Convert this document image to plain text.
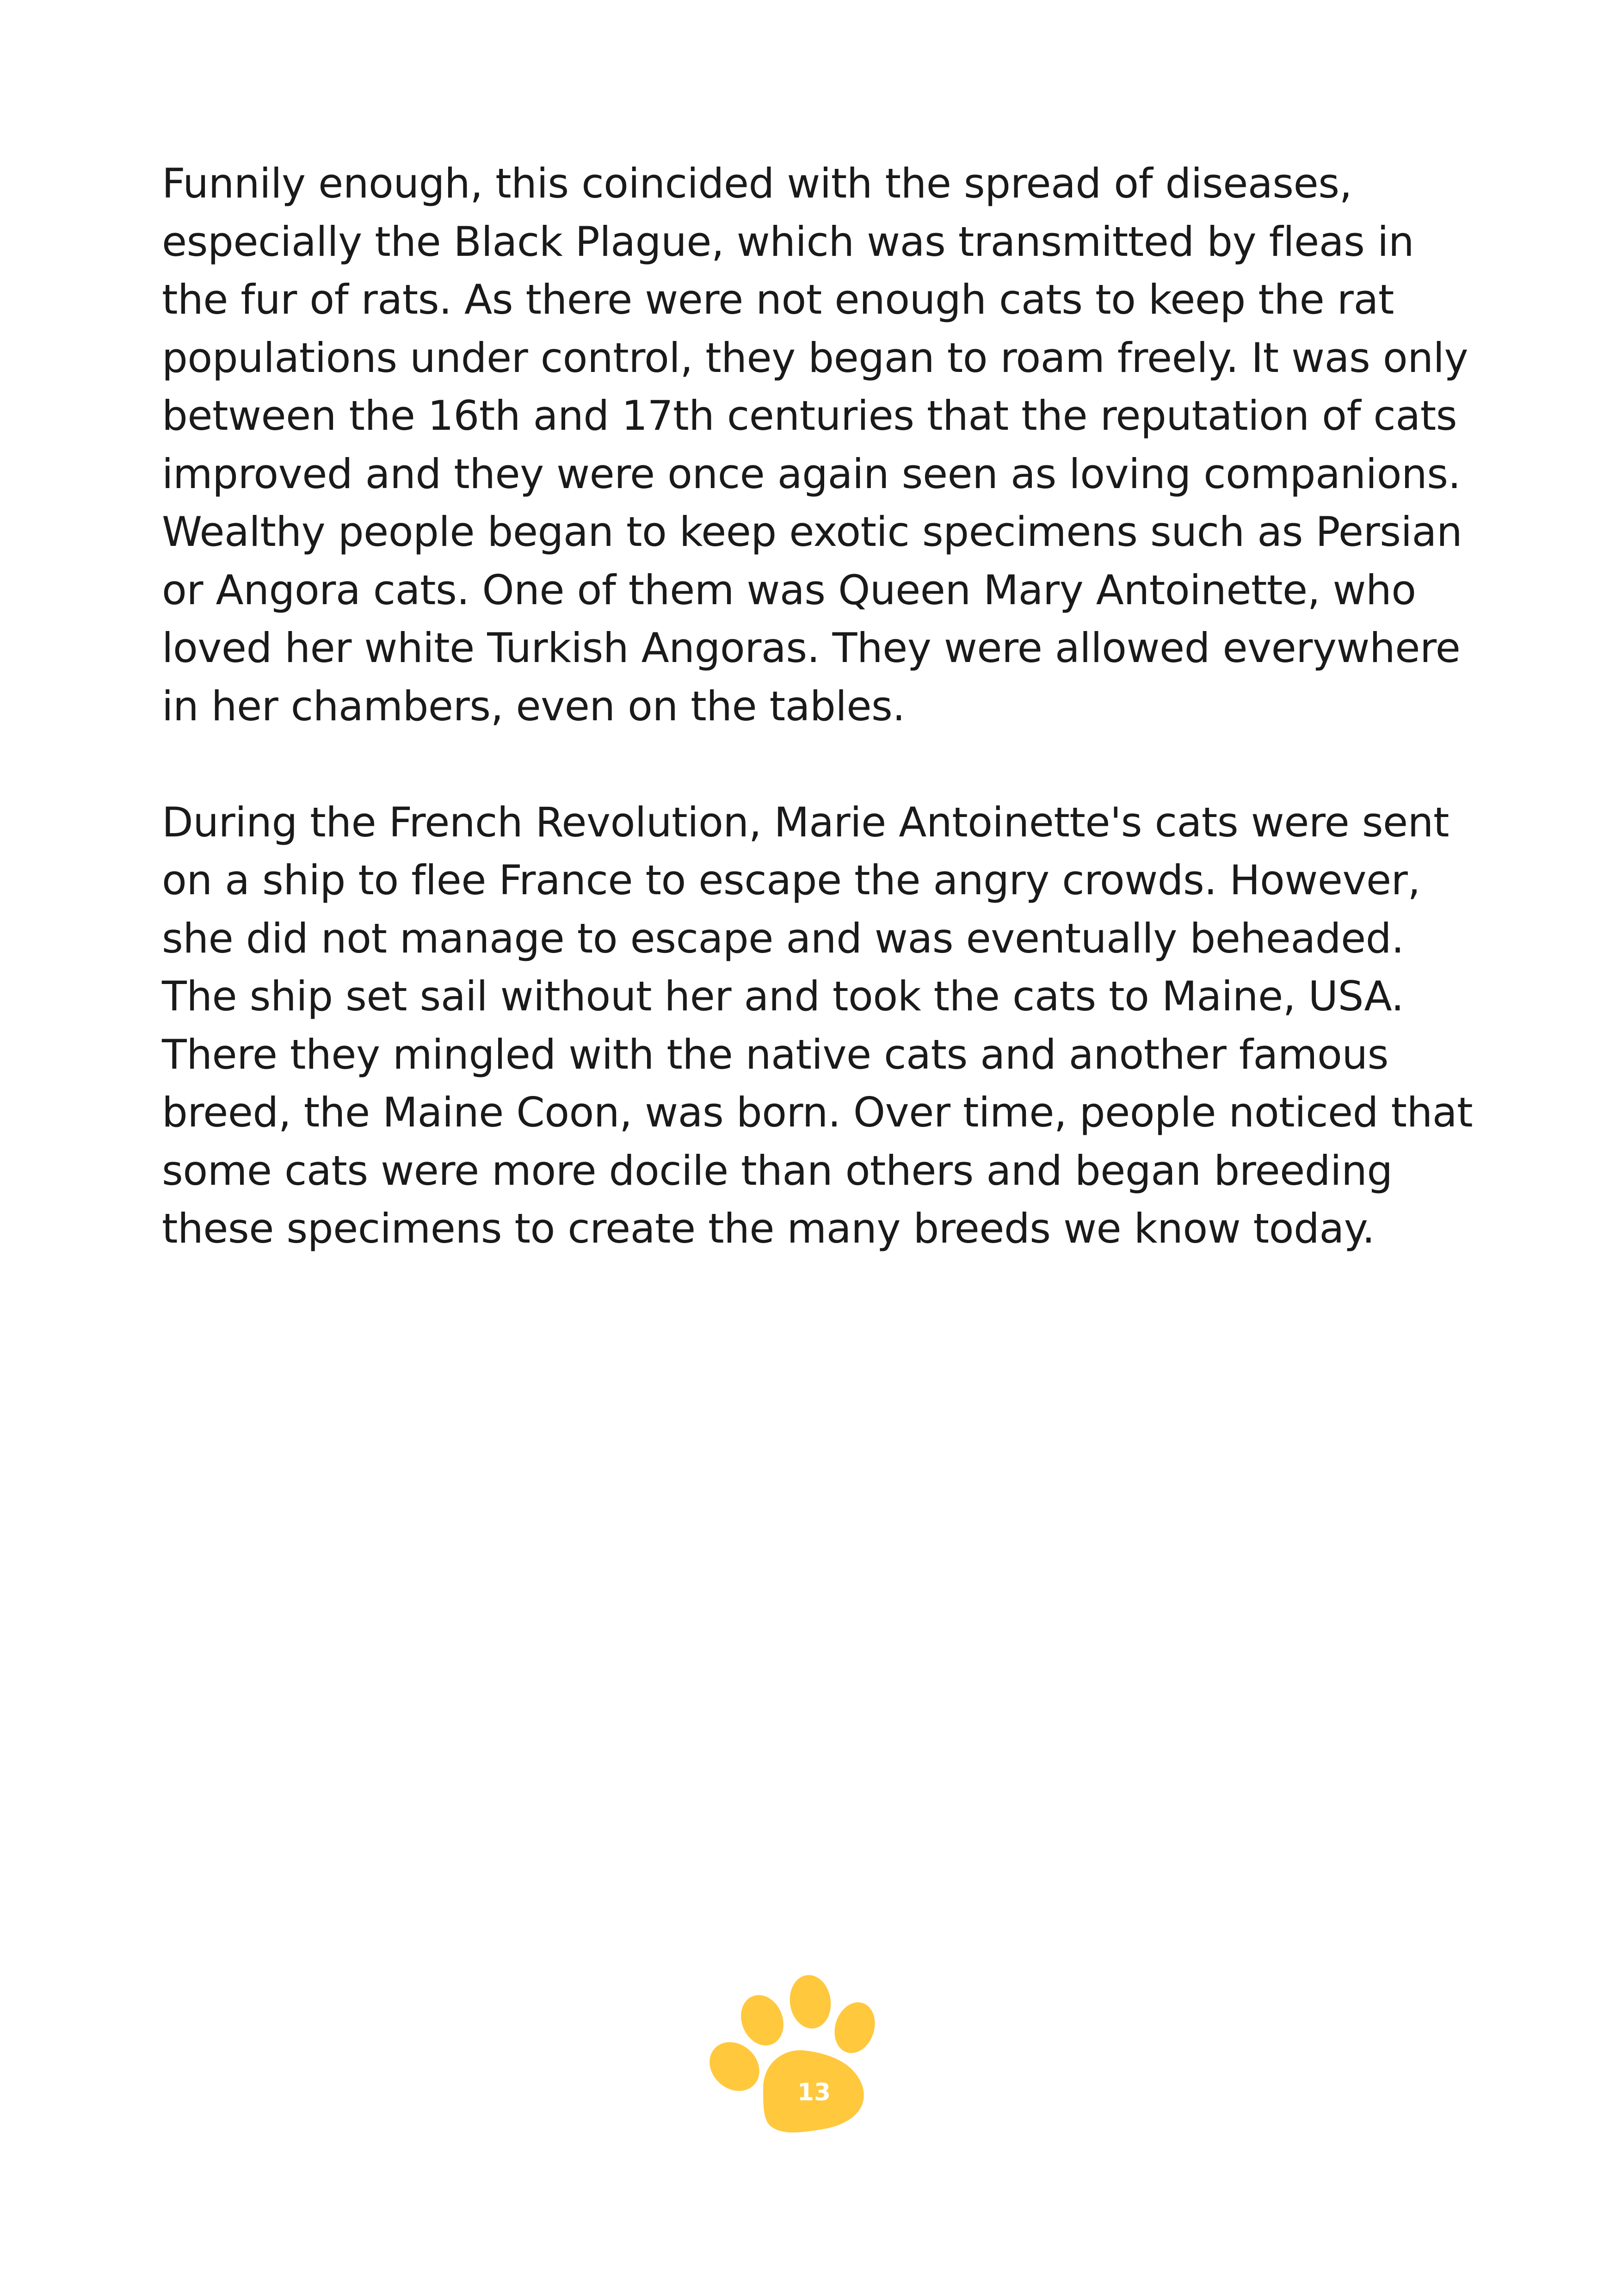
Funnily enough, this coincided with the spread of diseases, especially the Black Plague, which was transmitted by fleas in the fur of rats. As there were not enough cats to keep the rat populations under control, they began to roam freely. It was only between the 16th and 17th centuries that the reputation of cats improved and they were once again seen as loving companions. Wealthy people began to keep exotic specimens such as Persian or Angora cats. One of them was Queen Mary Antoinette, who loved her white Turkish Angoras. They were allowed everywhere in her chambers, even on the tables.

During the French Revolution, Marie Antoinette's cats were sent on a ship to flee France to escape the angry crowds. However, she did not manage to escape and was eventually beheaded. The ship set sail without her and took the cats to Maine, USA. There they mingled with the native cats and another famous breed, the Maine Coon, was born. Over time, people noticed that some cats were more docile than others and began breeding these specimens to create the many breeds we know today.

13
